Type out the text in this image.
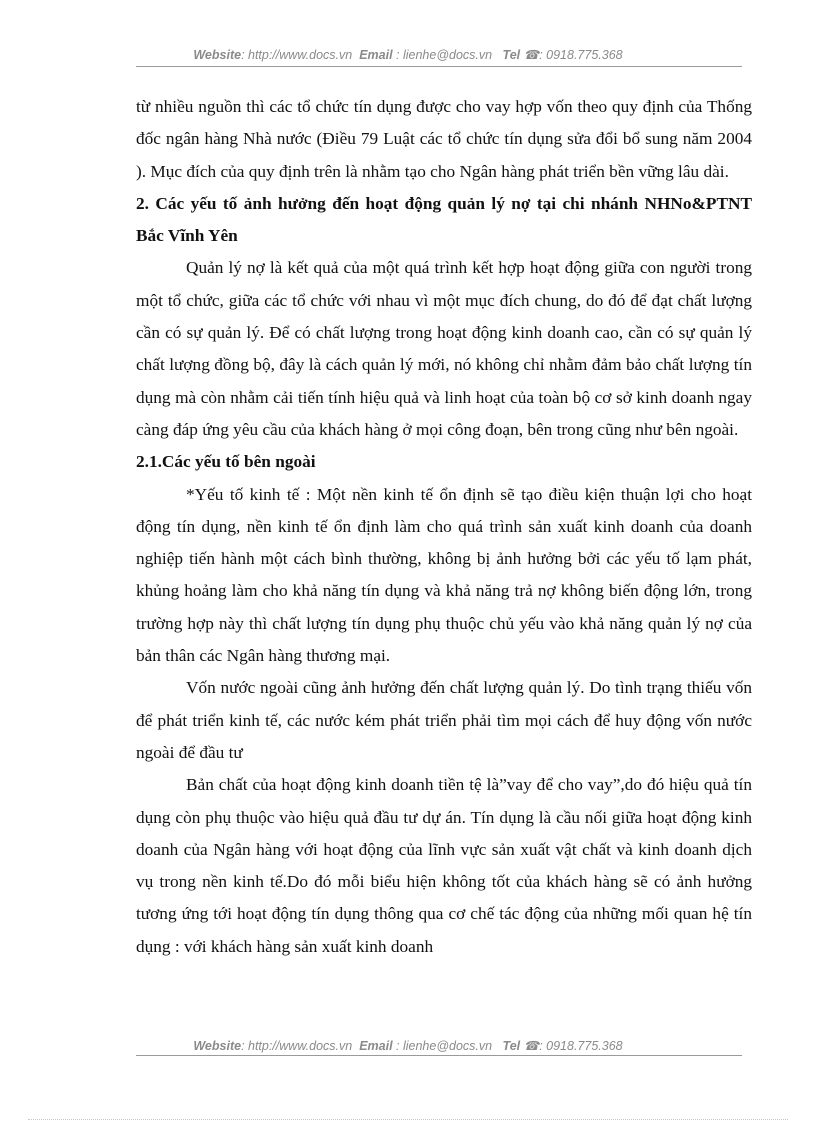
Website: http://www.docs.vn Email : lienhe@docs.vn Tel ☎: 0918.775.368

từ nhiều nguồn thì các tổ chức tín dụng được cho vay hợp vốn theo quy định của Thống đốc ngân hàng Nhà nước (Điều 79 Luật các tổ chức tín dụng sửa đổi bổ sung năm 2004 ). Mục đích của quy định trên là nhằm tạo cho Ngân hàng phát triển bền vững lâu dài.

2. Các yếu tố ảnh hưởng đến hoạt động quản lý nợ tại chi nhánh NHNo&PTNT Bắc Vĩnh Yên

Quản lý nợ là kết quả của một quá trình kết hợp hoạt động giữa con người trong một tổ chức, giữa các tổ chức với nhau vì một mục đích chung, do đó để đạt chất lượng cần có sự quản lý. Để có chất lượng trong hoạt động kinh doanh cao, cần có sự quản lý chất lượng đồng bộ, đây là cách quản lý mới, nó không chỉ nhằm đảm bảo chất lượng tín dụng mà còn nhằm cải tiến tính hiệu quả và linh hoạt của toàn bộ cơ sở kinh doanh ngay càng đáp ứng yêu cầu của khách hàng ở mọi công đoạn, bên trong cũng như bên ngoài.

2.1.Các yếu tố bên ngoài

*Yếu tố kinh tế : Một nền kinh tế ổn định sẽ tạo điều kiện thuận lợi cho hoạt động tín dụng, nền kinh tế ổn định làm cho quá trình sản xuất kinh doanh của doanh nghiệp tiến hành một cách bình thường, không bị ảnh hưởng bởi các yếu tố lạm phát, khủng hoảng làm cho khả năng tín dụng và khả năng trả nợ không biến động lớn, trong trường hợp này thì chất lượng tín dụng phụ thuộc chủ yếu vào khả năng quản lý nợ của bản thân các Ngân hàng thương mại.

Vốn nước ngoài cũng ảnh hưởng đến chất lượng quản lý. Do tình trạng thiếu vốn để phát triển kinh tế, các nước kém phát triển phải tìm mọi cách để huy động vốn nước ngoài để đầu tư

Bản chất của hoạt động kinh doanh tiền tệ là”vay để cho vay”,do đó hiệu quả tín dụng còn phụ thuộc vào hiệu quả đầu tư dự án. Tín dụng là cầu nối giữa hoạt động kinh doanh của Ngân hàng với hoạt động của lĩnh vực sản xuất vật chất và kinh doanh dịch vụ trong nền kinh tế.Do đó mỗi biểu hiện không tốt của khách hàng sẽ có ảnh hưởng tương ứng tới hoạt động tín dụng thông qua cơ chế tác động của những mối quan hệ tín dụng : với khách hàng sản xuất kinh doanh

Website: http://www.docs.vn Email : lienhe@docs.vn Tel ☎: 0918.775.368
